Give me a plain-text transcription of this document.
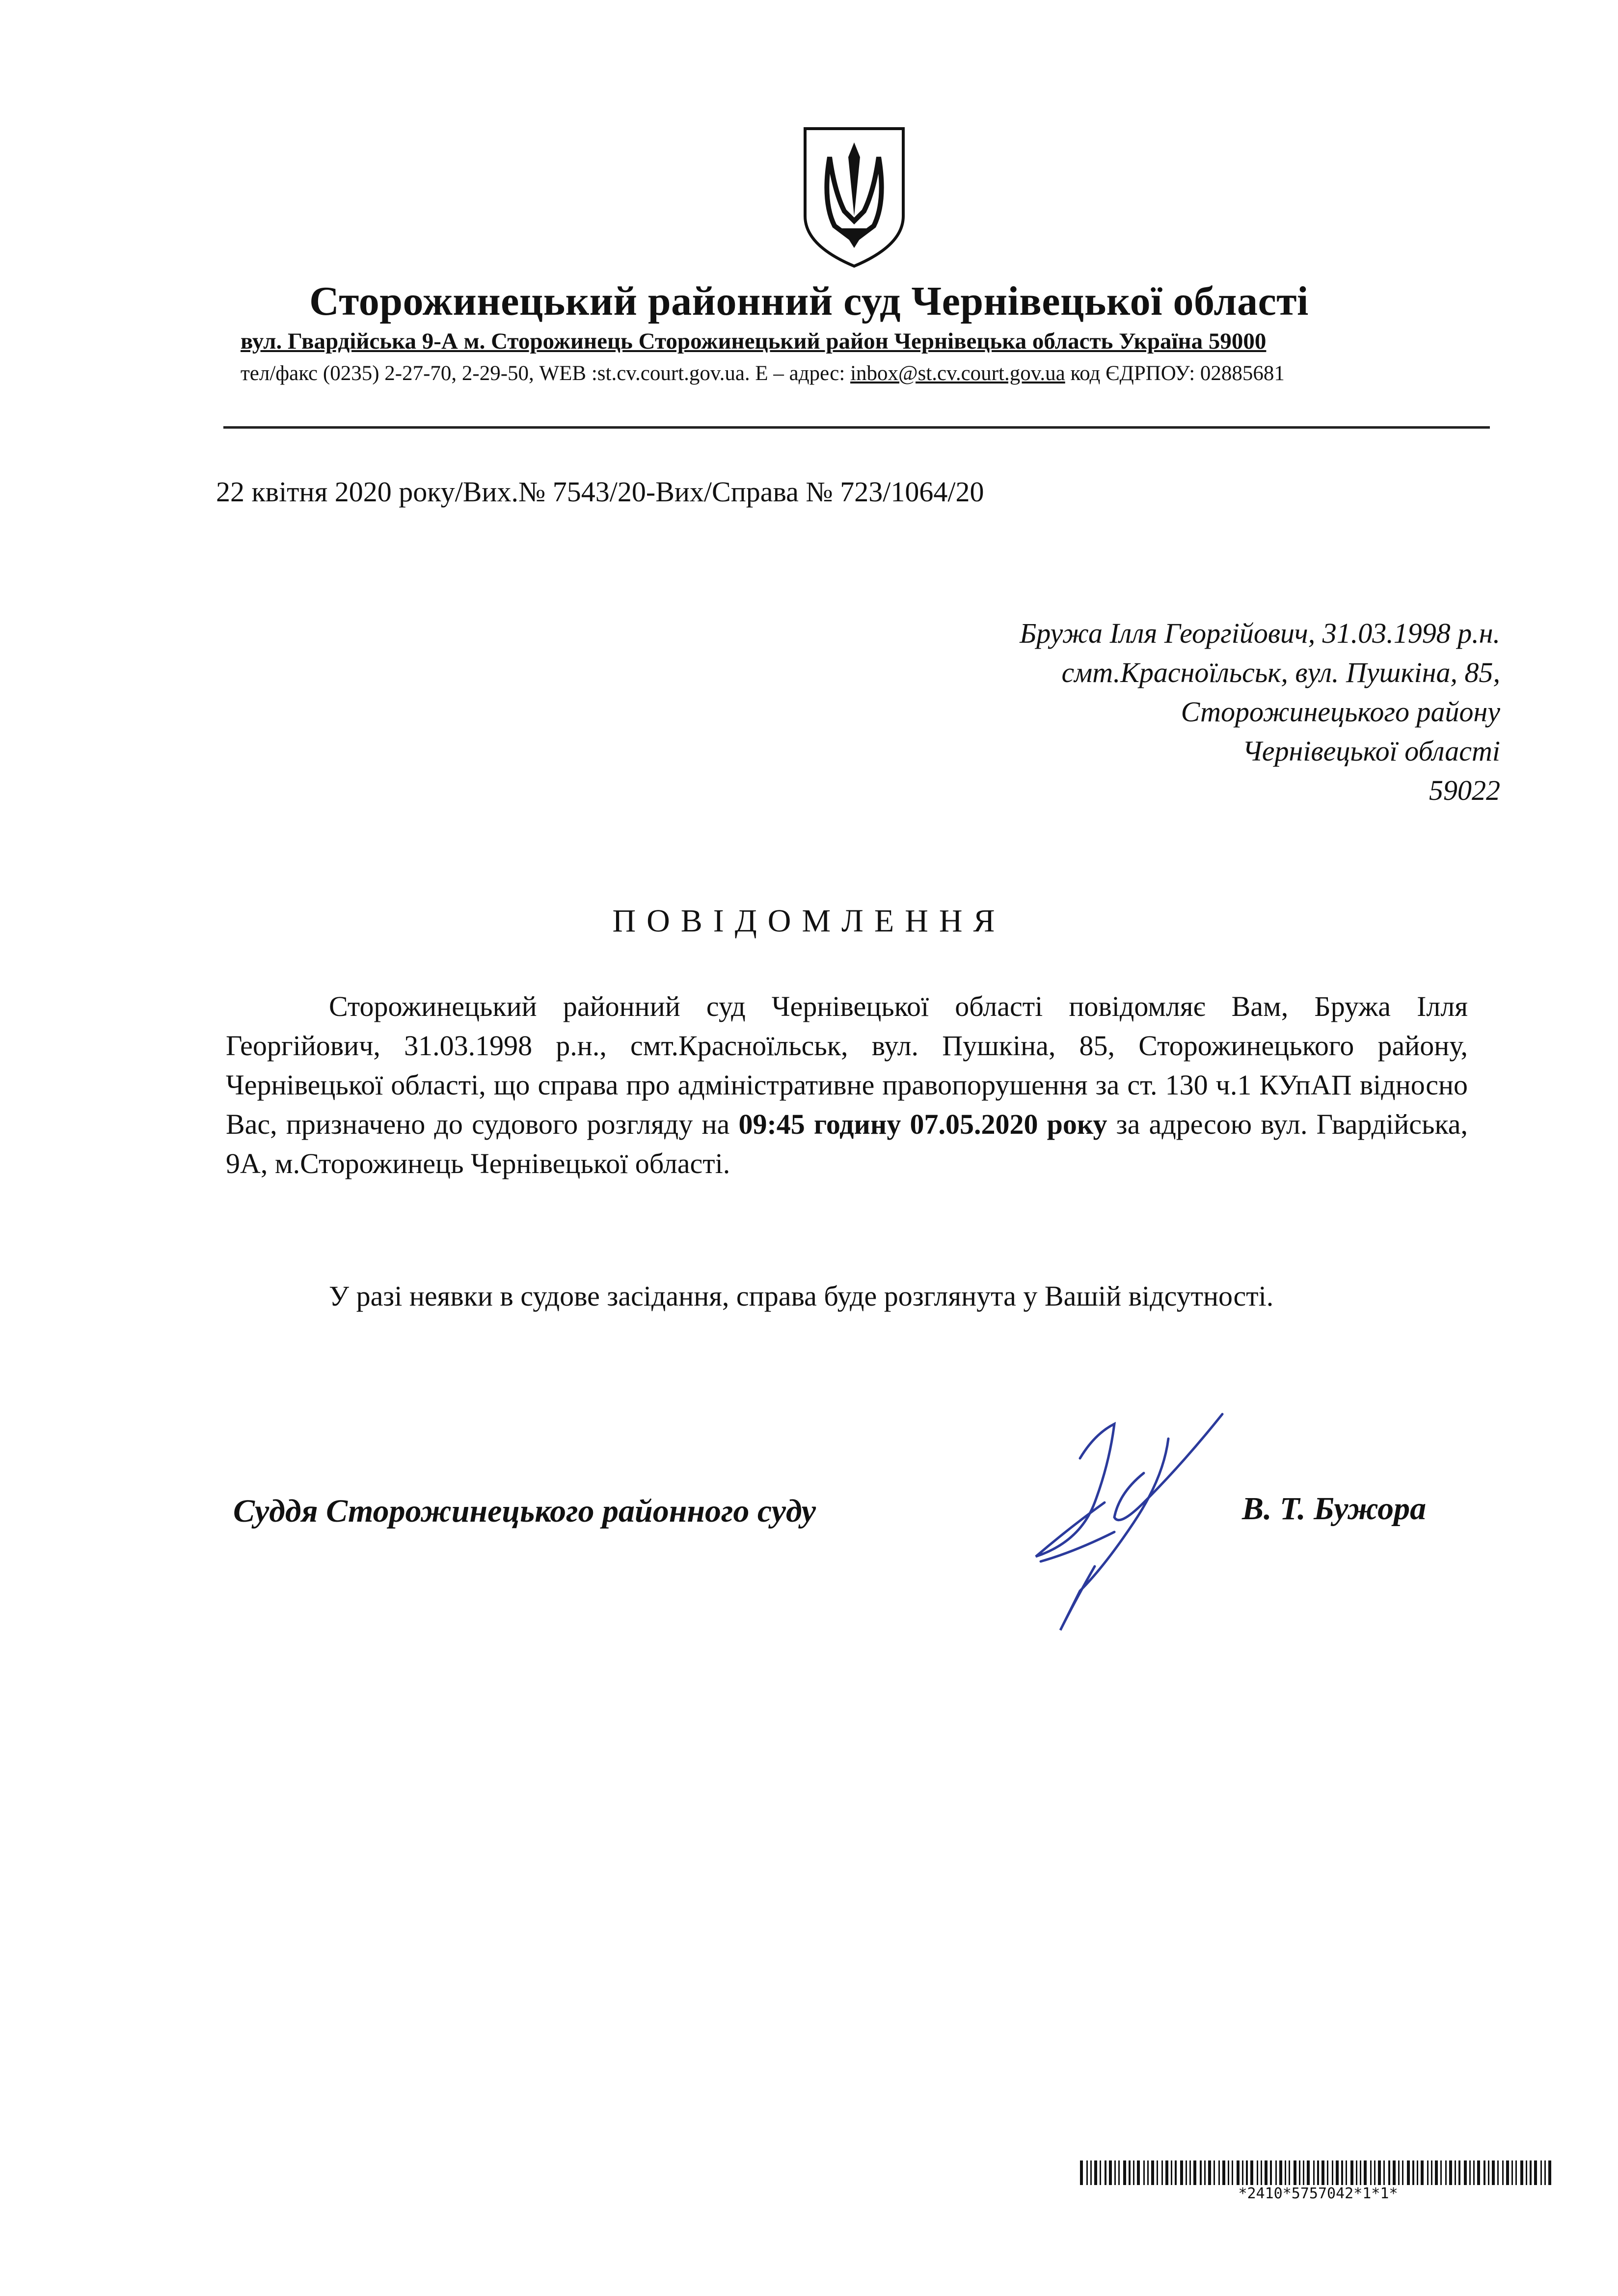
Сторожинецький районний суд Чернівецької області
вул. Гвардійська 9-А м. Сторожинець Сторожинецький район Чернівецька область Україна 59000
тел/факс (0235) 2-27-70, 2-29-50, WEB :st.cv.court.gov.ua. E – адрес: inbox@st.cv.court.gov.ua код ЄДРПОУ: 02885681
22 квітня 2020 року/Вих.№ 7543/20-Вих/Справа № 723/1064/20
Бружа Ілля Георгійович, 31.03.1998 р.н.
смт.Красноїльськ, вул. Пушкіна, 85,
Сторожинецького району
Чернівецької області
59022
ПОВІДОМЛЕННЯ
Сторожинецький районний суд Чернівецької області повідомляє Вам, Бружа Ілля Георгійович, 31.03.1998 р.н., смт.Красноїльськ, вул. Пушкіна, 85, Сторожинецького району, Чернівецької області, що справа про адміністративне правопорушення за ст. 130 ч.1 КУпАП відносно Вас, призначено до судового розгляду на 09:45 годину 07.05.2020 року за адресою вул. Гвардійська, 9А, м.Сторожинець Чернівецької області.
У разі неявки в судове засідання, справа буде розглянута у Вашій відсутності.
Суддя Сторожинецького районного суду	В. Т. Бужора
*2410*5757042*1*1*
